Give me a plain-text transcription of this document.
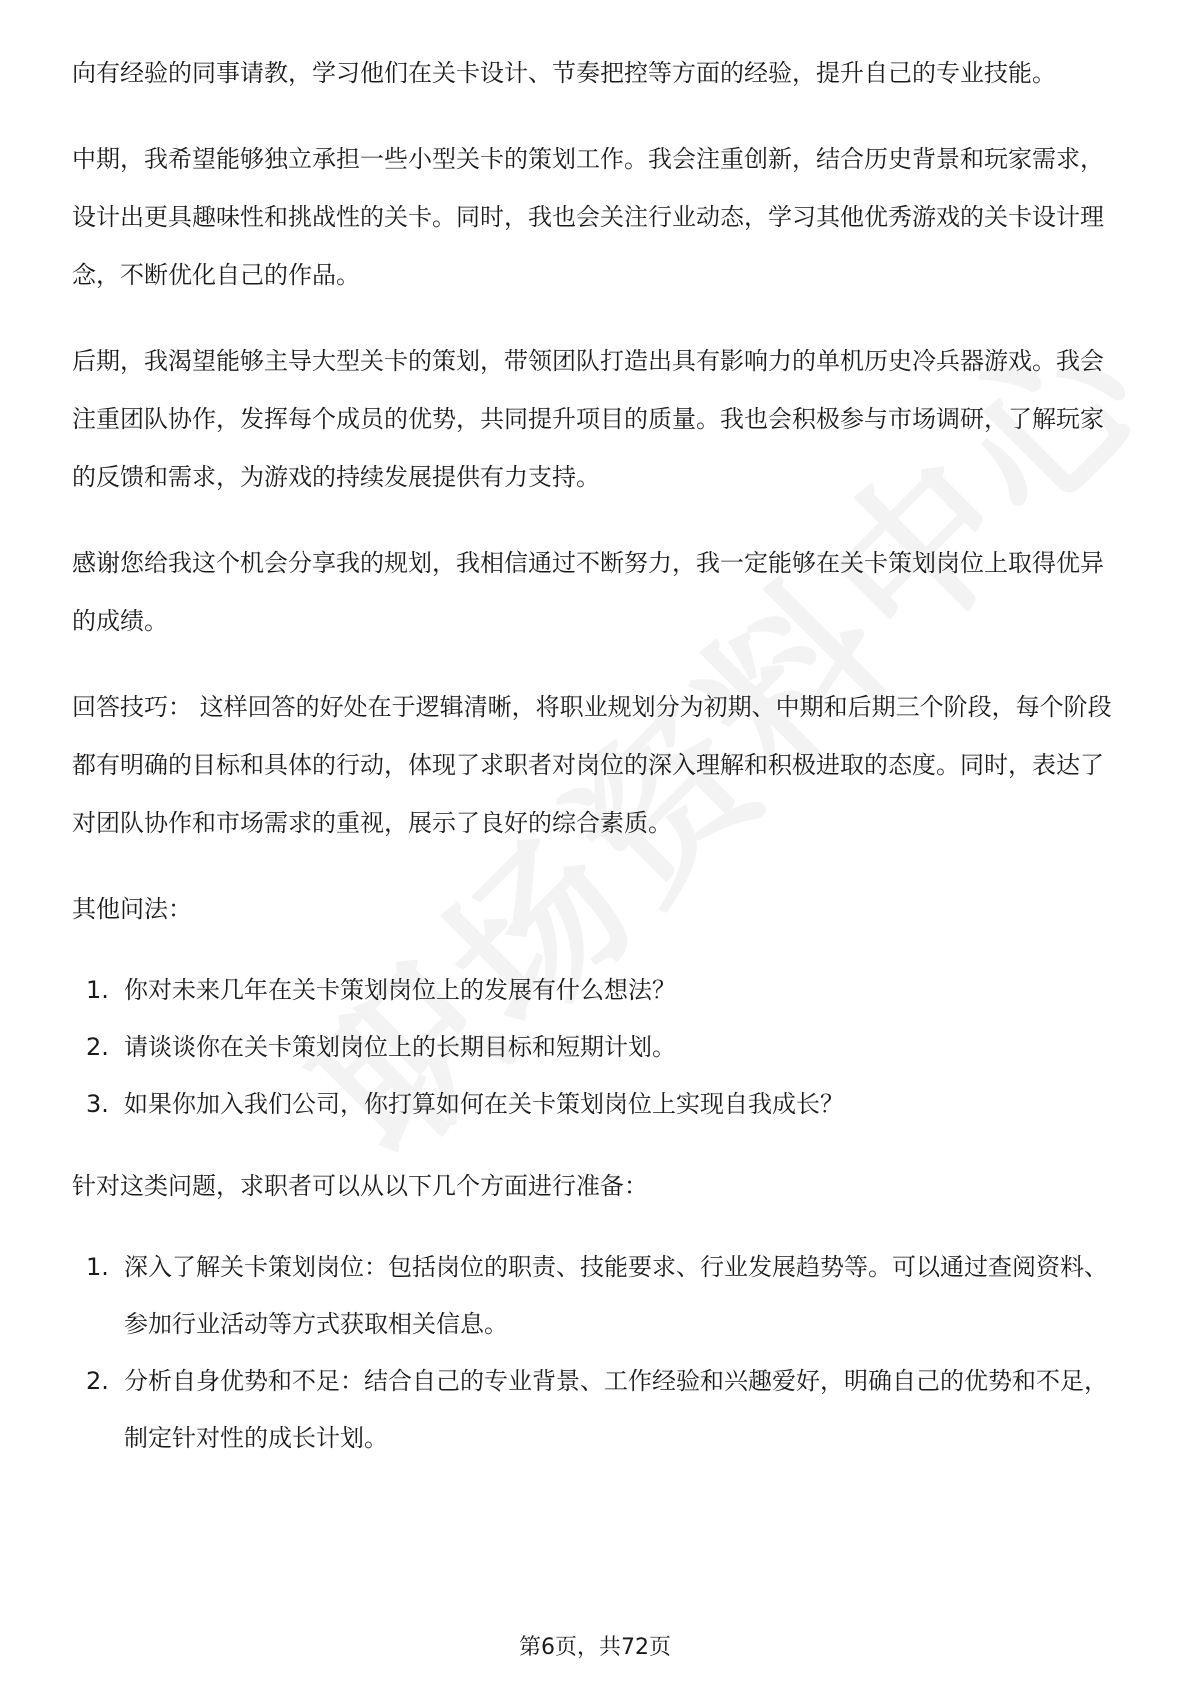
向有经验的同事请教，学习他们在关卡设计、节奏把控等方面的经验，提升自己的专业技能。

中期，我希望能够独立承担一些小型关卡的策划工作。我会注重创新，结合历史背景和玩家需求，设计出更具趣味性和挑战性的关卡。同时，我也会关注行业动态，学习其他优秀游戏的关卡设计理念，不断优化自己的作品。

后期，我渴望能够主导大型关卡的策划，带领团队打造出具有影响力的单机历史冷兵器游戏。我会注重团队协作，发挥每个成员的优势，共同提升项目的质量。我也会积极参与市场调研，了解玩家的反馈和需求，为游戏的持续发展提供有力支持。

感谢您给我这个机会分享我的规划，我相信通过不断努力，我一定能够在关卡策划岗位上取得优异的成绩。

回答技巧： 这样回答的好处在于逻辑清晰，将职业规划分为初期、中期和后期三个阶段，每个阶段都有明确的目标和具体的行动，体现了求职者对岗位的深入理解和积极进取的态度。同时，表达了对团队协作和市场需求的重视，展示了良好的综合素质。

其他问法：

1. 你对未来几年在关卡策划岗位上的发展有什么想法？
2. 请谈谈你在关卡策划岗位上的长期目标和短期计划。
3. 如果你加入我们公司，你打算如何在关卡策划岗位上实现自我成长？

针对这类问题，求职者可以从以下几个方面进行准备：

1. 深入了解关卡策划岗位：包括岗位的职责、技能要求、行业发展趋势等。可以通过查阅资料、参加行业活动等方式获取相关信息。
2. 分析自身优势和不足：结合自己的专业背景、工作经验和兴趣爱好，明确自己的优势和不足，制定针对性的成长计划。
第6页，共72页
